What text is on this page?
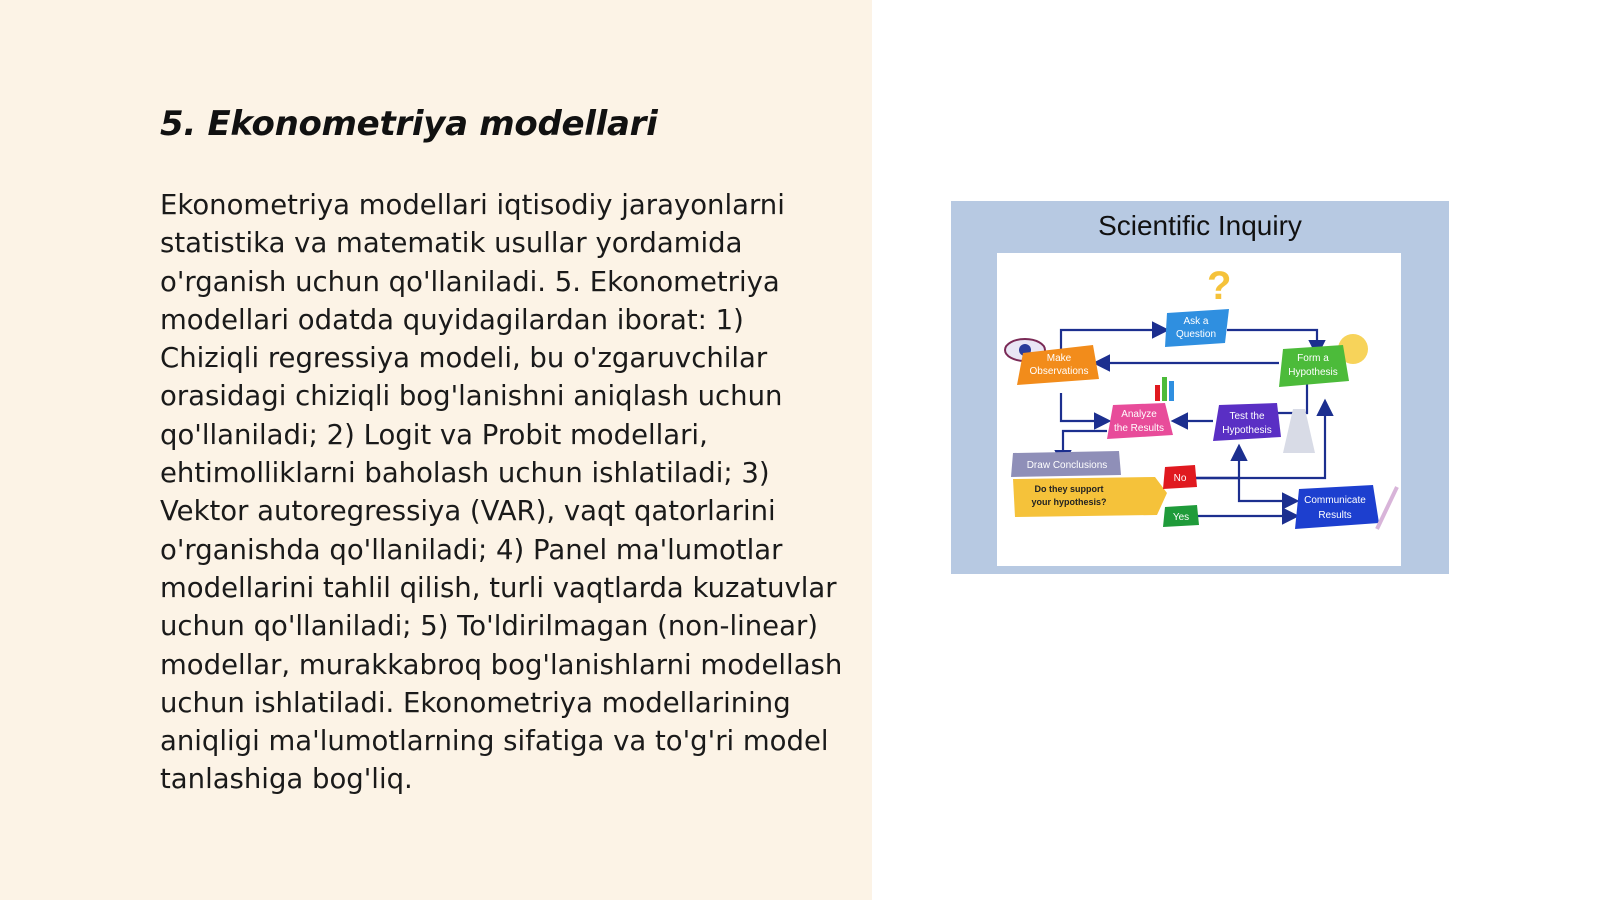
5. Ekonometriya modellari

Ekonometriya modellari iqtisodiy jarayonlarni statistika va matematik usullar yordamida o'rganish uchun qo'llaniladi. 5. Ekonometriya modellari odatda quyidagilardan iborat: 1) Chiziqli regressiya modeli, bu o'zgaruvchilar orasidagi chiziqli bog'lanishni aniqlash uchun qo'llaniladi; 2) Logit va Probit modellari, ehtimolliklarni baholash uchun ishlatiladi; 3) Vektor autoregressiya (VAR), vaqt qatorlarini o'rganishda qo'llaniladi; 4) Panel ma'lumotlar modellarini tahlil qilish, turli vaqtlarda kuzatuvlar uchun qo'llaniladi; 5) To'ldirilmagan (non-linear) modellar, murakkabroq bog'lanishlarni modellash uchun ishlatiladi. Ekonometriya modellarining aniqligi ma'lumotlarning sifatiga va to'g'ri model tanlashiga bog'liq.

Scientific Inquiry
?
Ask a
Question
Make
Observations
Form a
Hypothesis
Analyze
the Results
Test the
Hypothesis
Draw Conclusions
Do they support
your hypothesis?
No
Yes
Communicate
Results
